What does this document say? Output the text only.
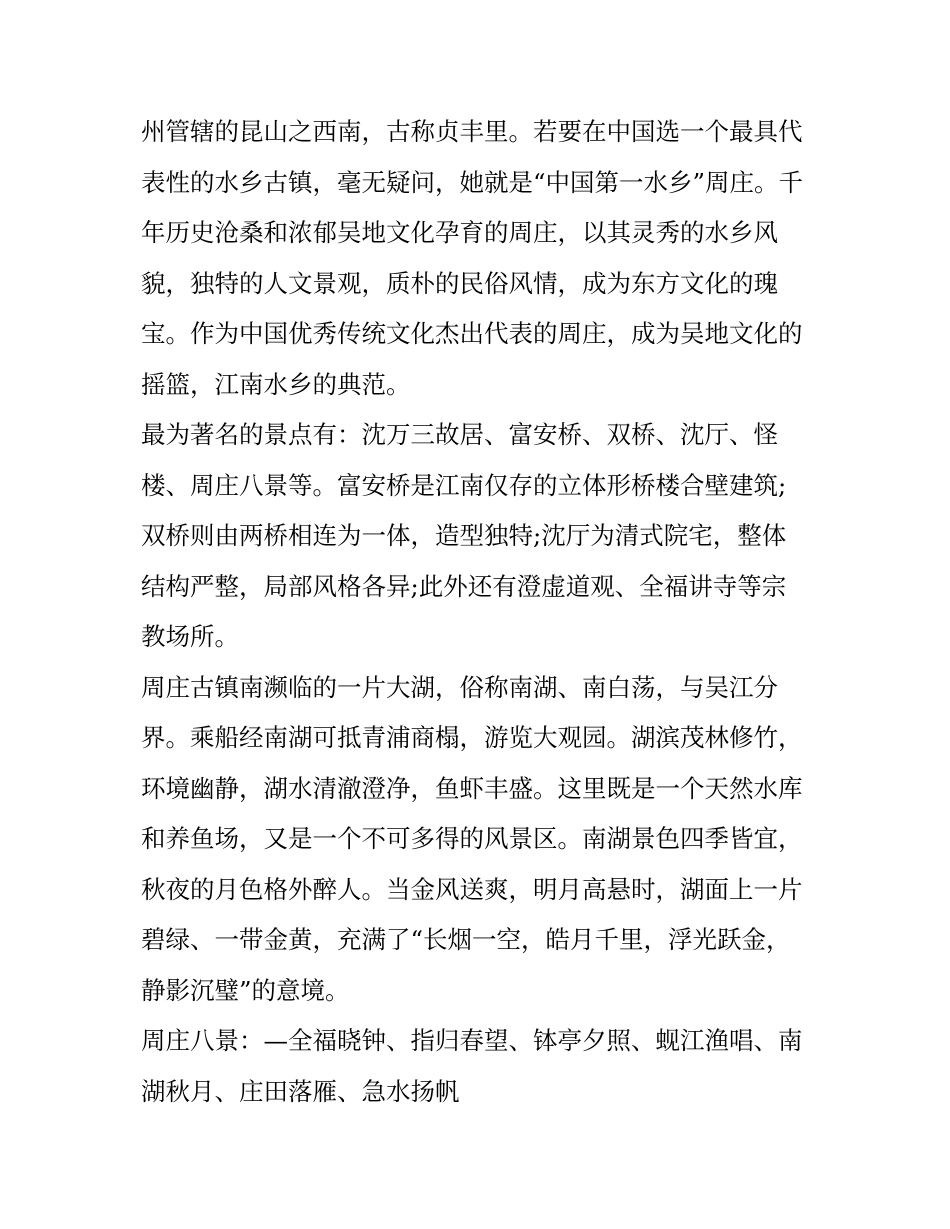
州管辖的昆山之西南，古称贞丰里。若要在中国选一个最具代
表性的水乡古镇，毫无疑问，她就是“中国第一水乡”周庄。千
年历史沧桑和浓郁吴地文化孕育的周庄，以其灵秀的水乡风
貌，独特的人文景观，质朴的民俗风情，成为东方文化的瑰
宝。作为中国优秀传统文化杰出代表的周庄，成为吴地文化的
摇篮，江南水乡的典范。
最为著名的景点有：沈万三故居、富安桥、双桥、沈厅、怪
楼、周庄八景等。富安桥是江南仅存的立体形桥楼合壁建筑;
双桥则由两桥相连为一体，造型独特;沈厅为清式院宅，整体
结构严整，局部风格各异;此外还有澄虚道观、全福讲寺等宗
教场所。
周庄古镇南濒临的一片大湖，俗称南湖、南白荡，与吴江分
界。乘船经南湖可抵青浦商榻，游览大观园。湖滨茂林修竹，
环境幽静，湖水清澈澄净，鱼虾丰盛。这里既是一个天然水库
和养鱼场，又是一个不可多得的风景区。南湖景色四季皆宜，
秋夜的月色格外醉人。当金风送爽，明月高悬时，湖面上一片
碧绿、一带金黄，充满了“长烟一空，皓月千里，浮光跃金，
静影沉璧”的意境。
周庄八景：—全福晓钟、指归春望、钵亭夕照、蚬江渔唱、南
湖秋月、庄田落雁、急水扬帆
